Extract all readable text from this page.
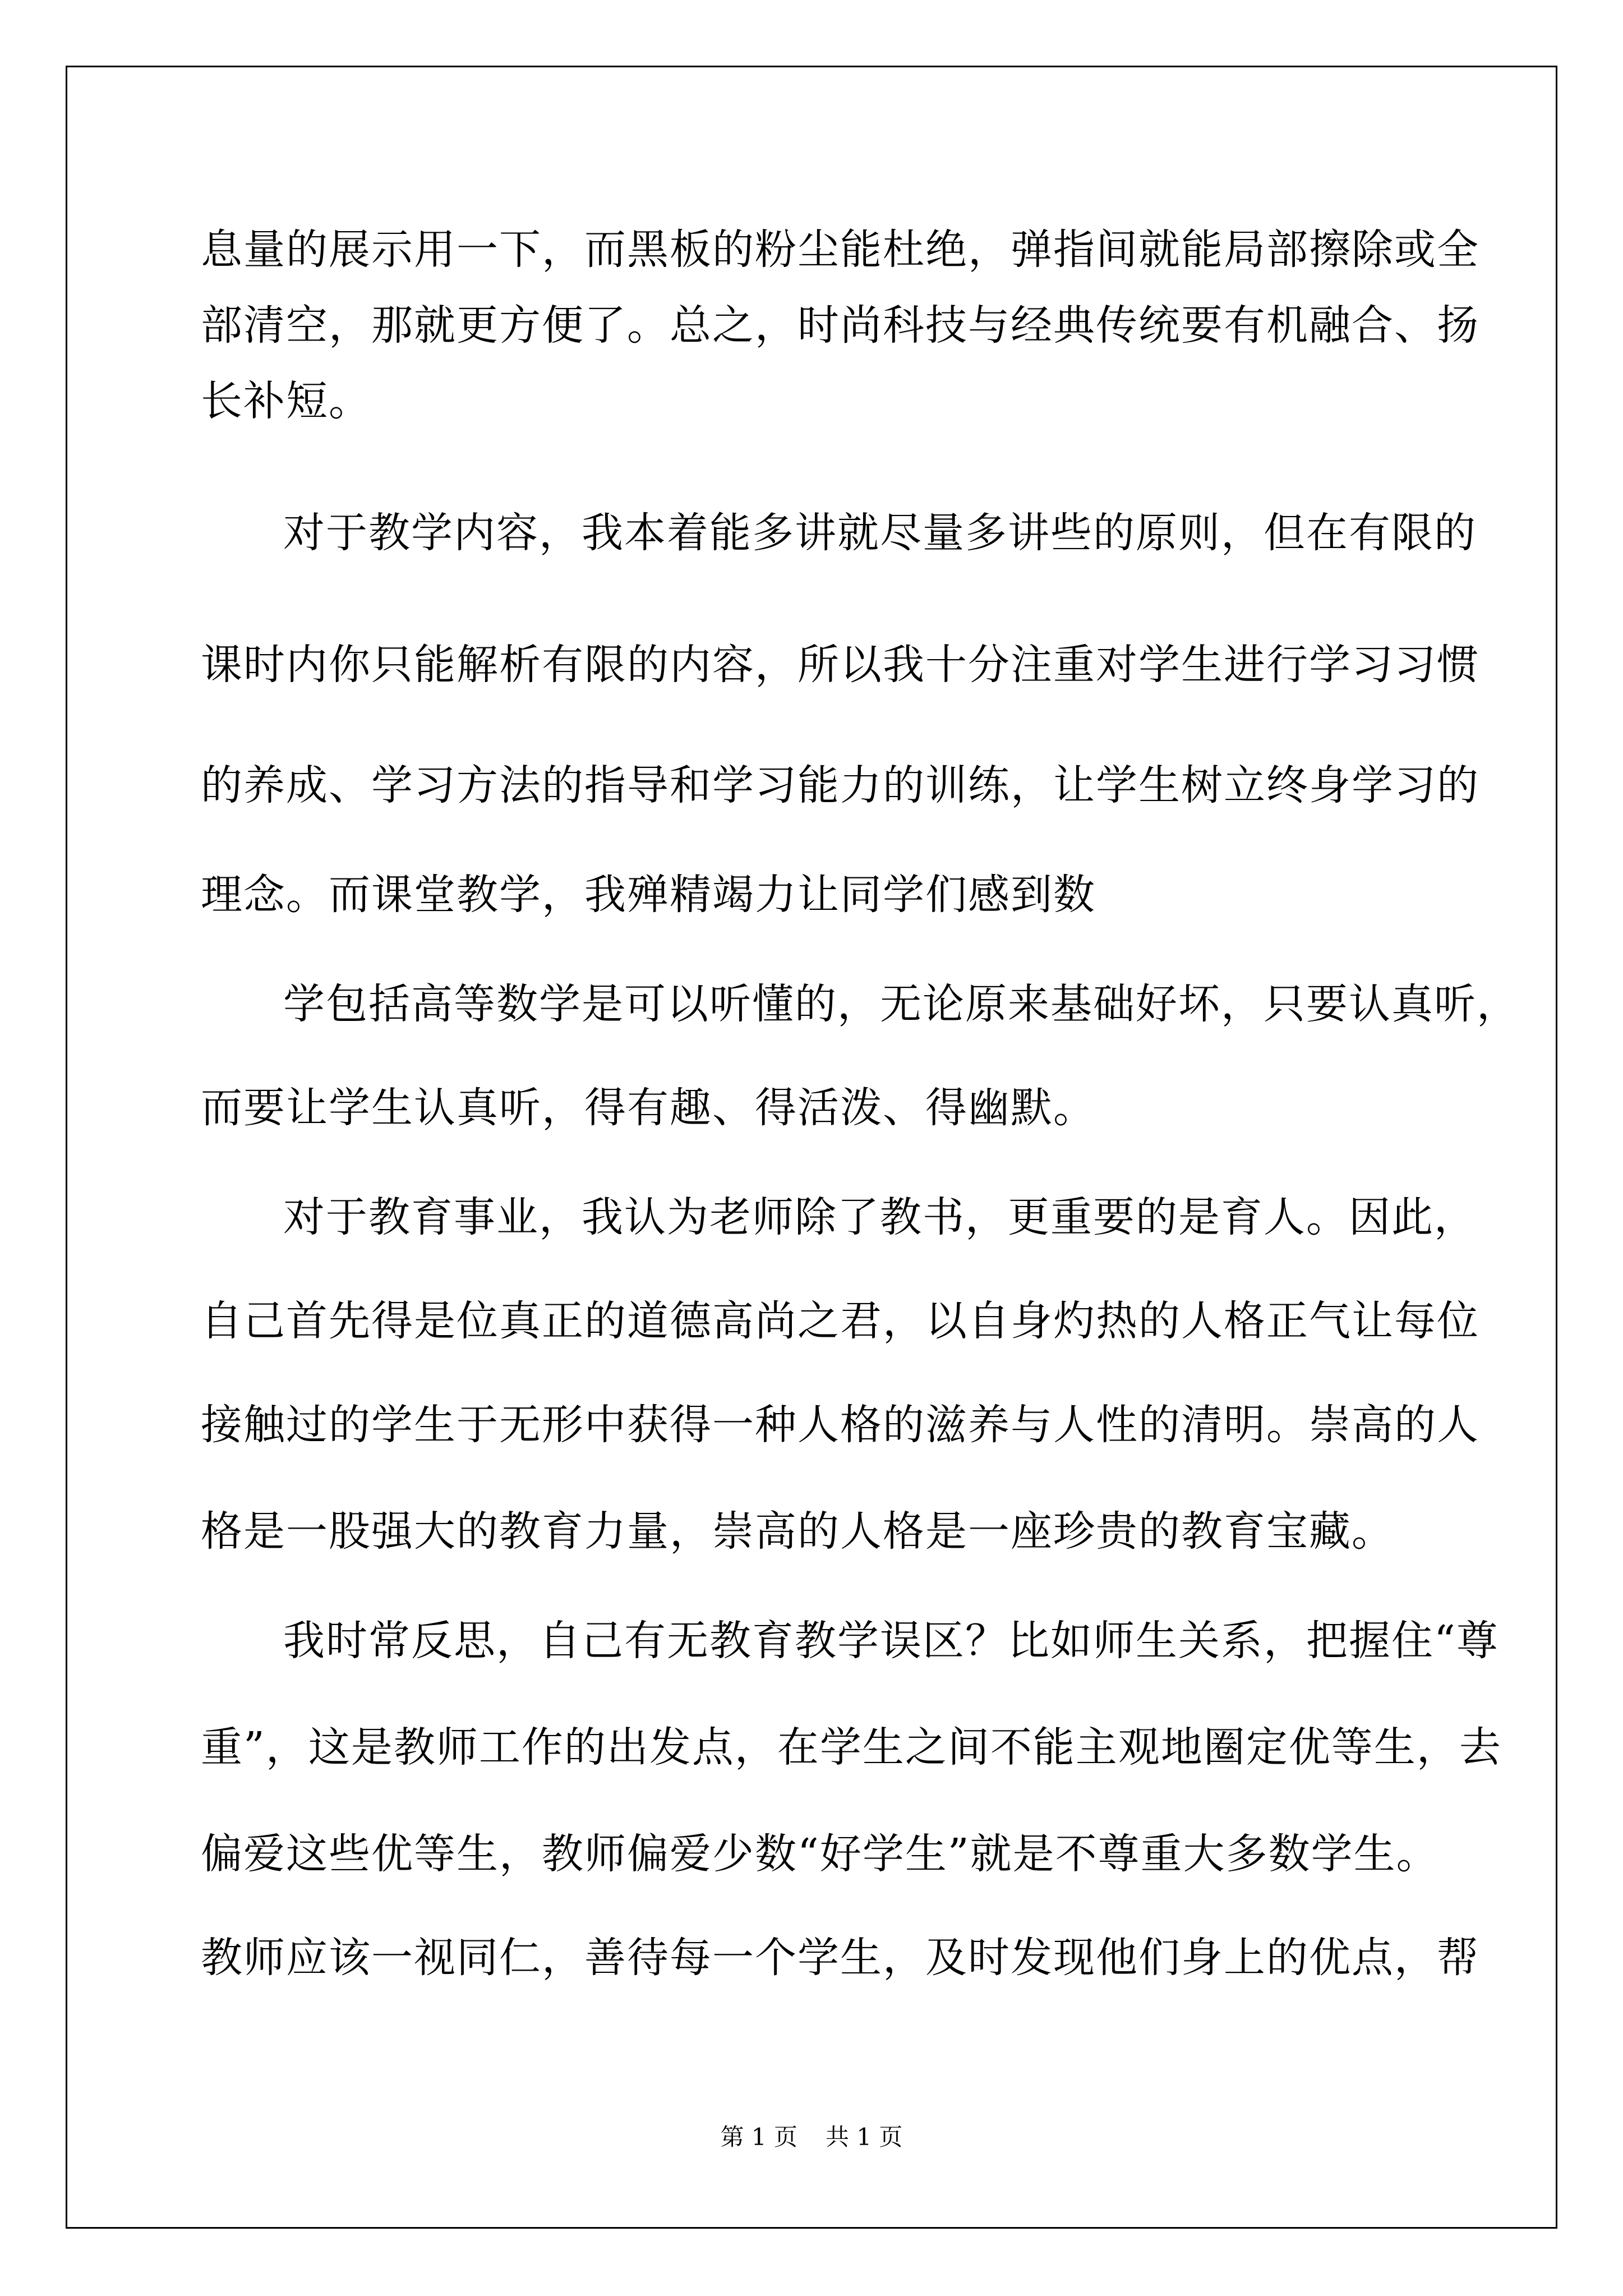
息量的展示用一下，而黑板的粉尘能杜绝，弹指间就能局部擦除或全
部清空，那就更方便了。总之，时尚科技与经典传统要有机融合、扬
长补短。
对于教学内容，我本着能多讲就尽量多讲些的原则，但在有限的
课时内你只能解析有限的内容，所以我十分注重对学生进行学习习惯
的养成、学习方法的指导和学习能力的训练，让学生树立终身学习的
理念。而课堂教学，我殚精竭力让同学们感到数
学包括高等数学是可以听懂的，无论原来基础好坏，只要认真听，
而要让学生认真听，得有趣、得活泼、得幽默。
对于教育事业，我认为老师除了教书，更重要的是育人。因此，
自己首先得是位真正的道德高尚之君，以自身灼热的人格正气让每位
接触过的学生于无形中获得一种人格的滋养与人性的清明。崇高的人
格是一股强大的教育力量，崇高的人格是一座珍贵的教育宝藏。
我时常反思，自己有无教育教学误区？比如师生关系，把握住“尊
重”，这是教师工作的出发点，在学生之间不能主观地圈定优等生，去
偏爱这些优等生，教师偏爱少数“好学生”就是不尊重大多数学生。
教师应该一视同仁，善待每一个学生，及时发现他们身上的优点，帮
第 1 页 共 1 页
